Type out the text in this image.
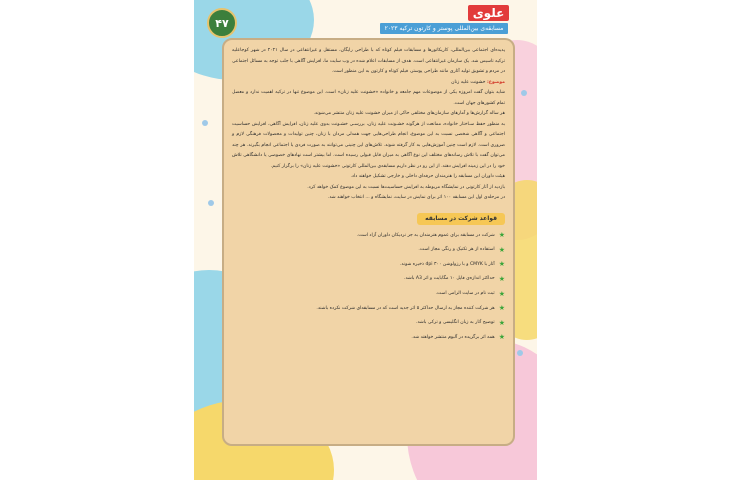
۴۷
علوی
مسابقه‌ی بین‌المللی پوستر و کارتون ترکیه ۲۰۲۳

پدیده‌ای اجتماعی بین‌المللی، کاریکاتورها و مسابقات فیلم کوتاه که با طراحی رایگان، مستقل و غیرانتفاعی در سال ۲۰۲۱ در شهر کوجاعلیه ترکیه تاسیس شد. یک سازمان غیرانتفاعی است. هدف از مسابقات اعلام شده در وب سایت ما، افزایش آگاهی با جلب توجه به مسائل اجتماعی در مردم و تشویق تولید آثاری مانند طراحی پوستر، فیلم کوتاه و کارتون به این منظور است.

موضوع: خشونت علیه زنان

شاید بتوان گفت امروزه یکی از موضوعات مهم جامعه و خانواده «خشونت علیه زنان» است. این موضوع تنها در ترکیه اهمیت ندارد و معضل تمام کشورهای جهان است.

هر ساله گزارش‌ها و آمارهای سازمان‌های مختلفی حاکی از میزان خشونت علیه زنان منتشر می‌شوند.

به منظور حفظ سـاختار خانواده، ممانعت از هرگونه خشـونت علیه زنان، بررسـی خشـونت بدوی علیه زنان، افزایش آگاهی، افزایش حساسیت اجتماعی و آگاهی شخصی نسبت به این موضوع، انجام طراحی‌هایی جهت همدلی مردان با زنان، چنین تولیدات و محصولات فرهنگی لازم و ضروری است. لازم است چنین آموزش‌هایی به کار گرفته شوند. تلاش‌های این چنینی می‌توانند به صورت فردی یا اجتماعی انجام بگیرند. هر چند می‌توان گفت با تلاش رسانه‌های مختلف این نوع آگاهی به میزان قابل قبولی رسیده است. اما بیشتر است نهادهای خصوصی یا دانشگاهی تلاش خود را در این زمینه افزایش دهند. از این رو در نظر داریم مسابقه‌ی بین‌المللی کارتونی «خشونت علیه زنان» را برگزار کنیم.

هیئت داوران این مسابقه را هنرمندان حرفه‌ای داخلی و خارجی تشکیل خواهند داد.

بازدید از آثار کارتونی در نمایشگاه مربوطه به افزایش حساسیت‌ها نسبت به این موضوع کمک خواهد کرد.

در مرحله‌ی اول این مسابقه ۱۰۰ اثر برای نمایش در سایت، نمایشگاه و ... انتخاب خواهند شد.

قواعد شرکت در مسابقه
★
شرکت در مسابقه برای عموم هنرمندان به جز نزدیکان داوران آزاد است.
★
استفاده از هر تکنیک و رنگی مجاز است.
★
آثار با CMYK و با رزولوشن ۳۰۰ dpi ذخیره شوند.
★
حداکثر اندازه‌ی فایل ۱۰ مگابایت و اثر A3 باشد.
★
ثبت نام در سایت الزامی است.
★
هر شرکت کننده مجاز به ارسال حداکثر ۵ اثر جدید است که در مسابقه‌ای شرکت نکرده باشند.
★
توضیح آثار به زبان انگلیسی و ترکی باشد.
★
همه اثر برگزیده در آلبوم منتشر خواهند شد.
